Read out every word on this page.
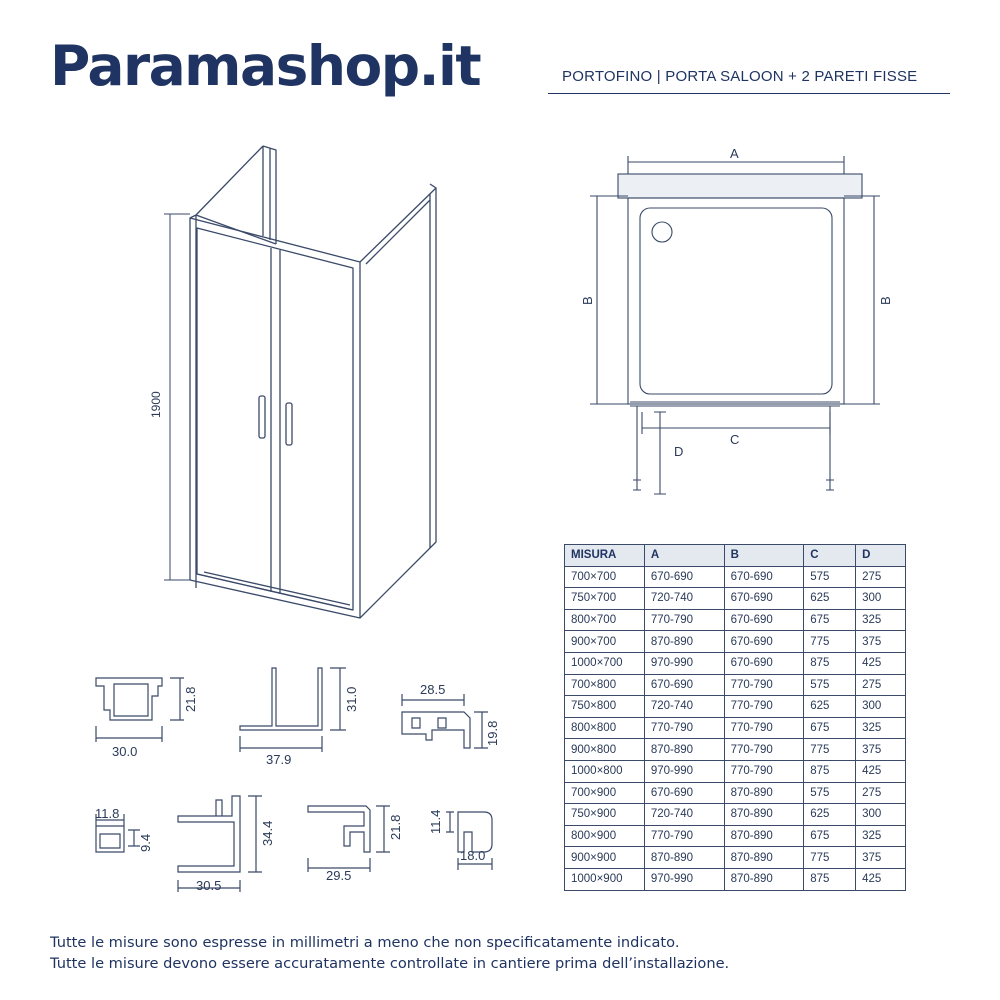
Paramashop.it	PORTOFINO | PORTA SALOON + 2 PARETI FISSE
1900
A
B	B
C
D
30.0
21.8
37.9
31.0	28.5
19.8
11.8
9.4
30.5
34.4
29.5
21.8
18.0
11.4
MISURA	A	B	C	D
700×700	670-690	670-690	575	275
750×700	720-740	670-690	625	300
800×700	770-790	670-690	675	325
900×700	870-890	670-690	775	375
1000×700	970-990	670-690	875	425
700×800	670-690	770-790	575	275
750×800	720-740	770-790	625	300
800×800	770-790	770-790	675	325
900×800	870-890	770-790	775	375
1000×800	970-990	770-790	875	425
700×900	670-690	870-890	575	275
750×900	720-740	870-890	625	300
800×900	770-790	870-890	675	325
900×900	870-890	870-890	775	375
1000×900	970-990	870-890	875	425
Tutte le misure sono espresse in millimetri a meno che non specificatamente indicato.
Tutte le misure devono essere accuratamente controllate in cantiere prima dell’installazione.
